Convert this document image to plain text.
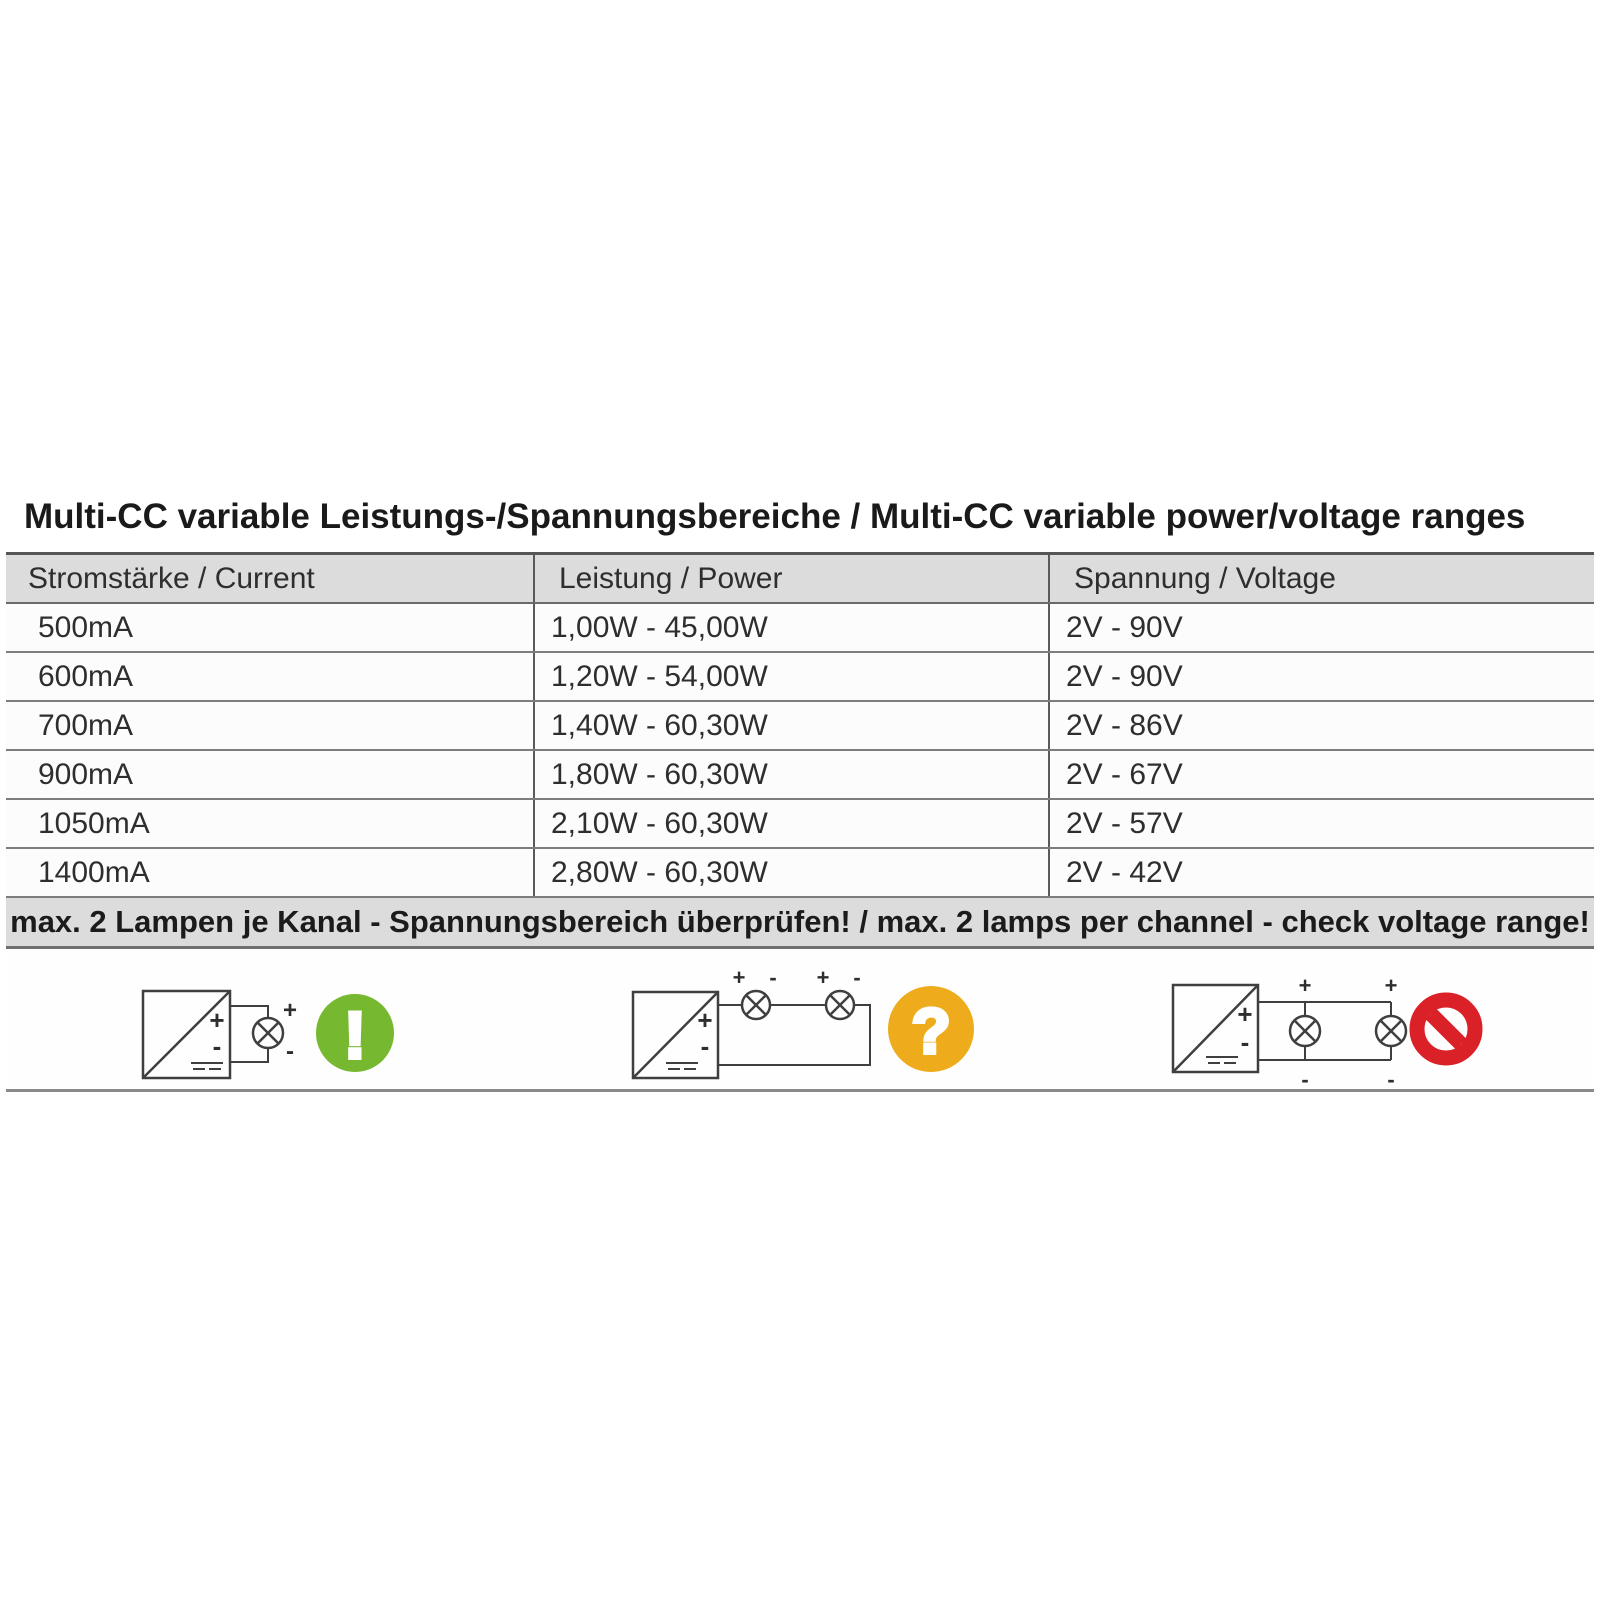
Multi-CC variable Leistungs-/Spannungsbereiche / Multi-CC variable power/voltage ranges
Stromstärke / Current	Leistung / Power	Spannung / Voltage
500mA	1,00W - 45,00W	2V - 90V
600mA	1,20W - 54,00W	2V - 90V
700mA	1,40W - 60,30W	2V - 86V
900mA	1,80W - 60,30W	2V - 67V
1050mA	2,10W - 60,30W	2V - 57V
1400mA	2,80W - 60,30W	2V - 42V
max. 2 Lampen je Kanal - Spannungsbereich überprüfen! / max. 2 lamps per channel - check voltage range!
+
-
+
- !	+
-
+ - + -
?	+
-
+	+
-	-
